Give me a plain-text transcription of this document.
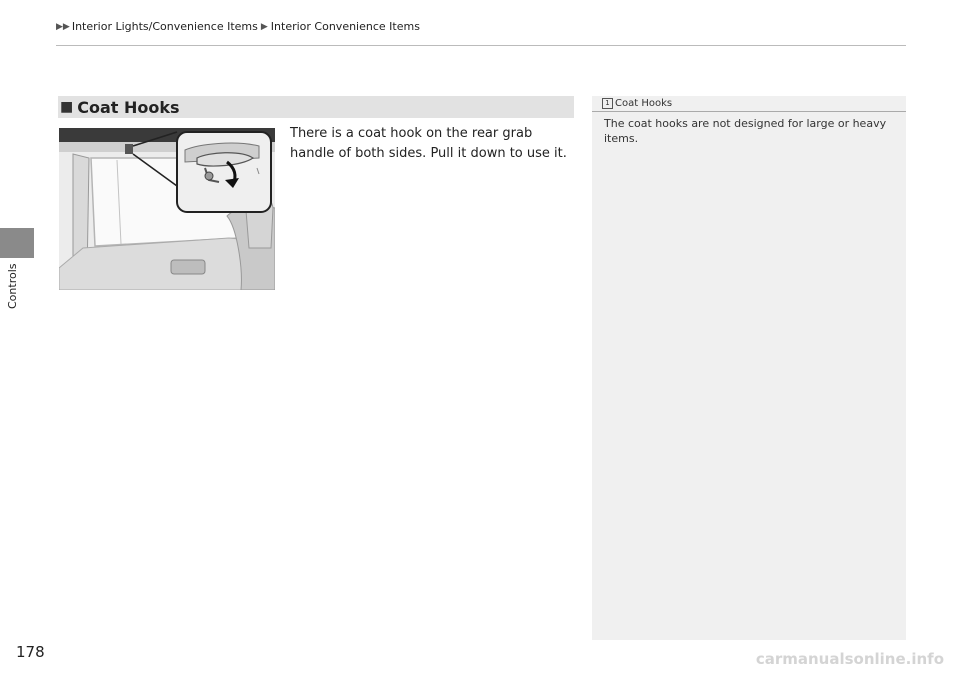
▶▶ Interior Lights/Convenience Items ▶ Interior Convenience Items
Controls
■ Coat Hooks
There is a coat hook on the rear grab handle of both sides. Pull it down to use it.
1 Coat Hooks
The coat hooks are not designed for large or heavy items.
178	carmanualsonline.info
